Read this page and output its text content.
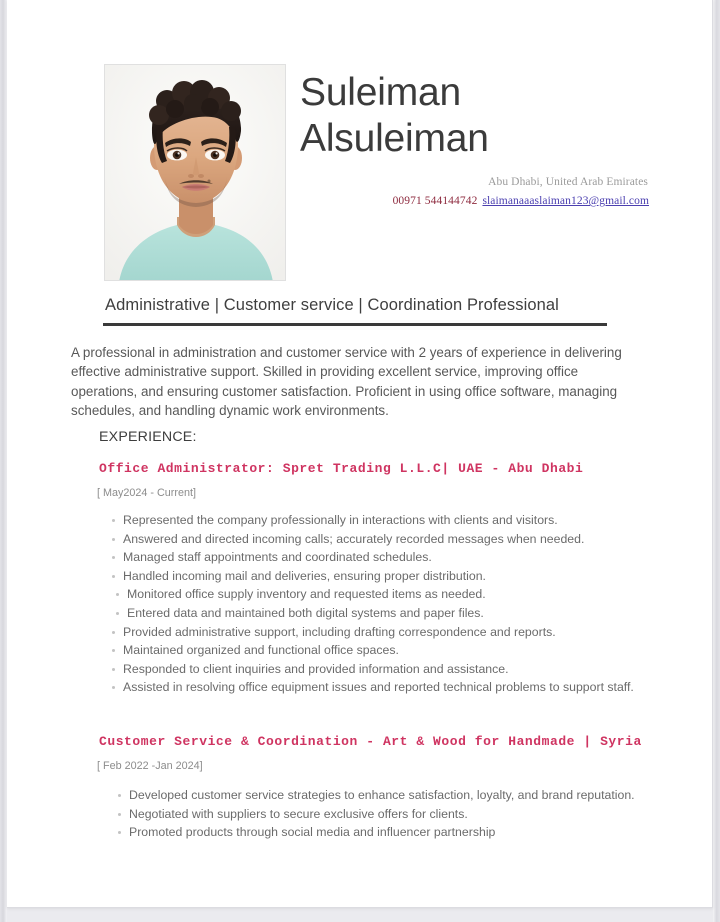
Suleiman
Alsuleiman
Abu Dhabi, United Arab Emirates
00971 544144742 slaimanaaaslaiman123@gmail.com
Administrative | Customer service | Coordination Professional
A professional in administration and customer service with 2 years of experience in delivering effective administrative support. Skilled in providing excellent service, improving office operations, and ensuring customer satisfaction. Proficient in using office software, managing schedules, and handling dynamic work environments.
EXPERIENCE:
Office Administrator: Spret Trading L.L.C| UAE - Abu Dhabi
[ May2024 - Current]
Represented the company professionally in interactions with clients and visitors.
Answered and directed incoming calls; accurately recorded messages when needed.
Managed staff appointments and coordinated schedules.
Handled incoming mail and deliveries, ensuring proper distribution.
Monitored office supply inventory and requested items as needed.
Entered data and maintained both digital systems and paper files.
Provided administrative support, including drafting correspondence and reports.
Maintained organized and functional office spaces.
Responded to client inquiries and provided information and assistance.
Assisted in resolving office equipment issues and reported technical problems to support staff.
Customer Service & Coordination - Art & Wood for Handmade | Syria
[ Feb 2022 -Jan 2024]
Developed customer service strategies to enhance satisfaction, loyalty, and brand reputation.
Negotiated with suppliers to secure exclusive offers for clients.
Promoted products through social media and influencer partnership
